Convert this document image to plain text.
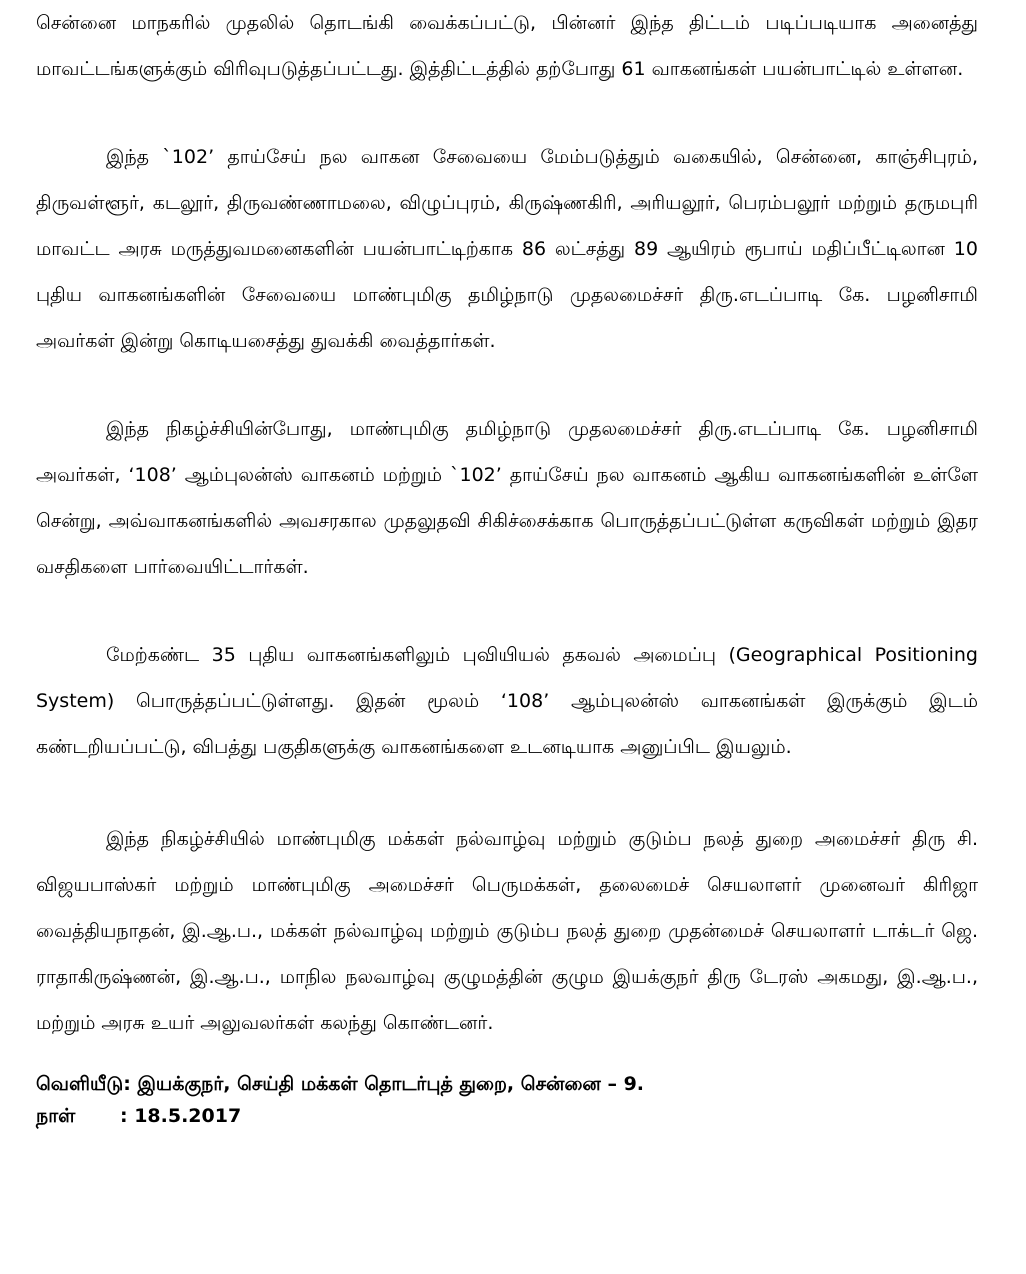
சென்னை மாநகரில் முதலில் தொடங்கி வைக்கப்பட்டு, பின்னர் இந்த திட்டம் படிப்படியாக அனைத்து மாவட்டங்களுக்கும் விரிவுபடுத்தப்பட்டது. இத்திட்டத்தில் தற்போது 61 வாகனங்கள் பயன்பாட்டில் உள்ளன.

இந்த `102’ தாய்சேய் நல வாகன சேவையை மேம்படுத்தும் வகையில், சென்னை, காஞ்சிபுரம், திருவள்ளூர், கடலூர், திருவண்ணாமலை, விழுப்புரம், கிருஷ்ணகிரி, அரியலூர், பெரம்பலூர் மற்றும் தருமபுரி மாவட்ட அரசு மருத்துவமனைகளின் பயன்பாட்டிற்காக 86 லட்சத்து 89 ஆயிரம் ரூபாய் மதிப்பீட்டிலான 10 புதிய வாகனங்களின் சேவையை மாண்புமிகு தமிழ்நாடு முதலமைச்சர் திரு.எடப்பாடி கே. பழனிசாமி அவர்கள் இன்று கொடியசைத்து துவக்கி வைத்தார்கள்.

இந்த நிகழ்ச்சியின்போது, மாண்புமிகு தமிழ்நாடு முதலமைச்சர் திரு.எடப்பாடி கே. பழனிசாமி அவர்கள், ‘108’ ஆம்புலன்ஸ் வாகனம் மற்றும் `102’ தாய்சேய் நல வாகனம் ஆகிய வாகனங்களின் உள்ளே சென்று, அவ்வாகனங்களில் அவசரகால முதலுதவி சிகிச்சைக்காக பொருத்தப்பட்டுள்ள கருவிகள் மற்றும் இதர வசதிகளை பார்வையிட்டார்கள்.

மேற்கண்ட 35 புதிய வாகனங்களிலும் புவியியல் தகவல் அமைப்பு (Geographical Positioning System) பொருத்தப்பட்டுள்ளது. இதன் மூலம் ‘108’ ஆம்புலன்ஸ் வாகனங்கள் இருக்கும் இடம் கண்டறியப்பட்டு, விபத்து பகுதிகளுக்கு வாகனங்களை உடனடியாக அனுப்பிட இயலும்.

இந்த நிகழ்ச்சியில் மாண்புமிகு மக்கள் நல்வாழ்வு மற்றும் குடும்ப நலத் துறை அமைச்சர் திரு சி. விஜயபாஸ்கர் மற்றும் மாண்புமிகு அமைச்சர் பெருமக்கள், தலைமைச் செயலாளர் முனைவர் கிரிஜா வைத்தியநாதன், இ.ஆ.ப., மக்கள் நல்வாழ்வு மற்றும் குடும்ப நலத் துறை முதன்மைச் செயலாளர் டாக்டர் ஜெ. ராதாகிருஷ்ணன், இ.ஆ.ப., மாநில நலவாழ்வு குழுமத்தின் குழும இயக்குநர் திரு டேரஸ் அகமது, இ.ஆ.ப., மற்றும் அரசு உயர் அலுவலர்கள் கலந்து கொண்டனர்.

வெளியீடு: இயக்குநர், செய்தி மக்கள் தொடர்புத் துறை, சென்னை – 9.
நாள்	: 18.5.2017
